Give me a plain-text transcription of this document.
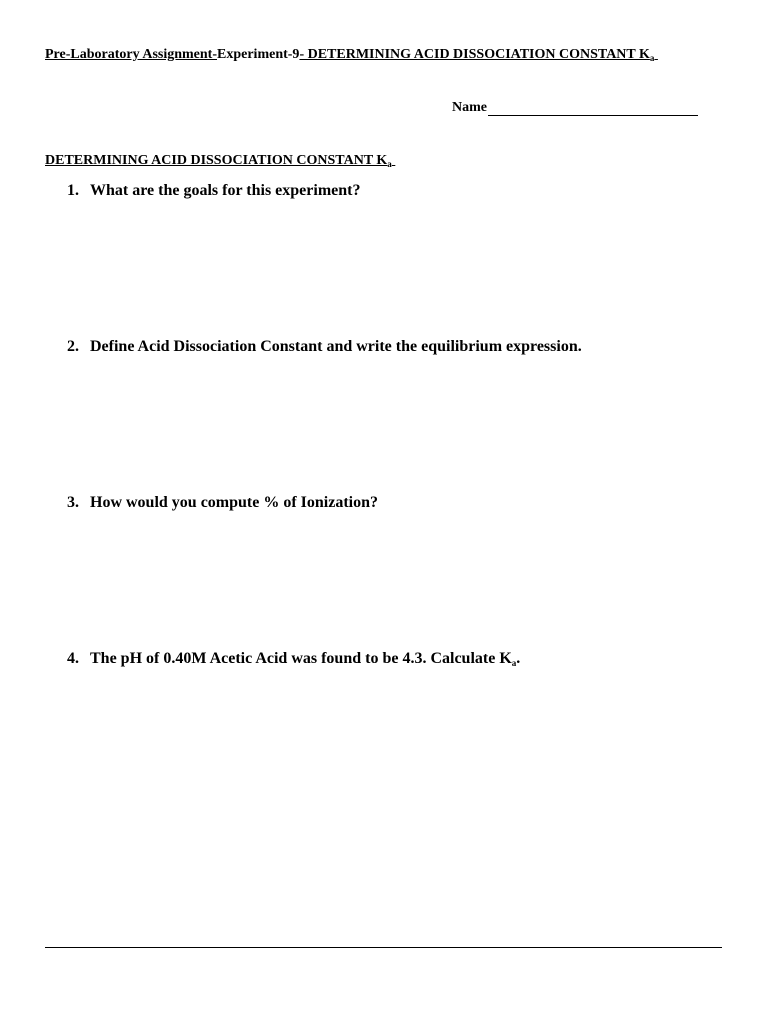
Pre-Laboratory Assignment-Experiment-9- DETERMINING ACID DISSOCIATION CONSTANT $K_a$
Name
DETERMINING ACID DISSOCIATION CONSTANT $K_a$
1. What are the goals for this experiment?
2. Define Acid Dissociation Constant and write the equilibrium expression.
3. How would you compute % of Ionization?
4. The pH of 0.40M Acetic Acid was found to be 4.3. Calculate $K_a$.
